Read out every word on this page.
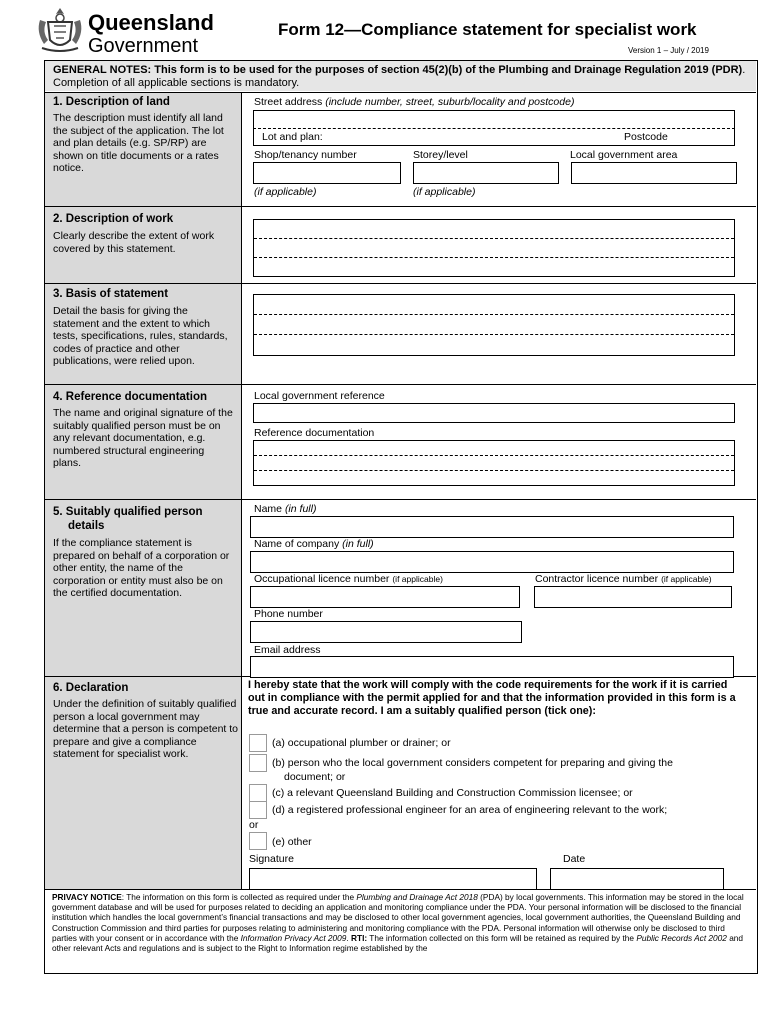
Queensland
Government
Form 12—Compliance statement for specialist work
Version 1 – July / 2019
GENERAL NOTES: This form is to be used for the purposes of section 45(2)(b) of the Plumbing and Drainage Regulation 2019 (PDR). Completion of all applicable sections is mandatory.
1. Description of land
The description must identify all land the subject of the application. The lot and plan details (e.g. SP/RP) are shown on title documents or a rates notice.
Street address (include number, street, suburb/locality and postcode)
Lot and plan:	Postcode
Shop/tenancy number	Storey/level	Local government area
(if applicable)	(if applicable)
2. Description of work
Clearly describe the extent of work covered by this statement.
3. Basis of statement
Detail the basis for giving the statement and the extent to which tests, specifications, rules, standards, codes of practice and other publications, were relied upon.
4. Reference documentation
The name and original signature of the suitably qualified person must be on any relevant documentation, e.g. numbered structural engineering plans.
Local government reference
Reference documentation
5. Suitably qualified person
details
If the compliance statement is prepared on behalf of a corporation or other entity, the name of the corporation or entity must also be on the certified documentation.
Name (in full)
Name of company (in full)
Occupational licence number (if applicable)	Contractor licence number (if applicable)
Phone number
Email address
6. Declaration
Under the definition of suitably qualified person a local government may determine that a person is competent to prepare and give a compliance statement for specialist work.
I hereby state that the work will comply with the code requirements for the work if it is carried out in compliance with the permit applied for and that the information provided in this form is a true and accurate record. I am a suitably qualified person (tick one):
(a) occupational plumber or drainer; or
(b) person who the local government considers competent for preparing and giving the
document; or
(c) a relevant Queensland Building and Construction Commission licensee; or
(d) a registered professional engineer for an area of engineering relevant to the work;
or
(e) other
Signature	Date
PRIVACY NOTICE: The information on this form is collected as required under the Plumbing and Drainage Act 2018 (PDA) by local governments. This information may be stored in the local government database and will be used for purposes related to deciding an application and monitoring compliance under the PDA. Your personal information will be disclosed to the financial institution which handles the local government’s financial transactions and may be disclosed to other local government agencies, local government authorities, the Queensland Building and Construction Commission and third parties for purposes relating to administering and monitoring compliance with the PDA. Personal information will otherwise only be disclosed to third parties with your consent or in accordance with the Information Privacy Act 2009. RTI: The information collected on this form will be retained as required by the Public Records Act 2002 and other relevant Acts and regulations and is subject to the Right to Information regime established by the
